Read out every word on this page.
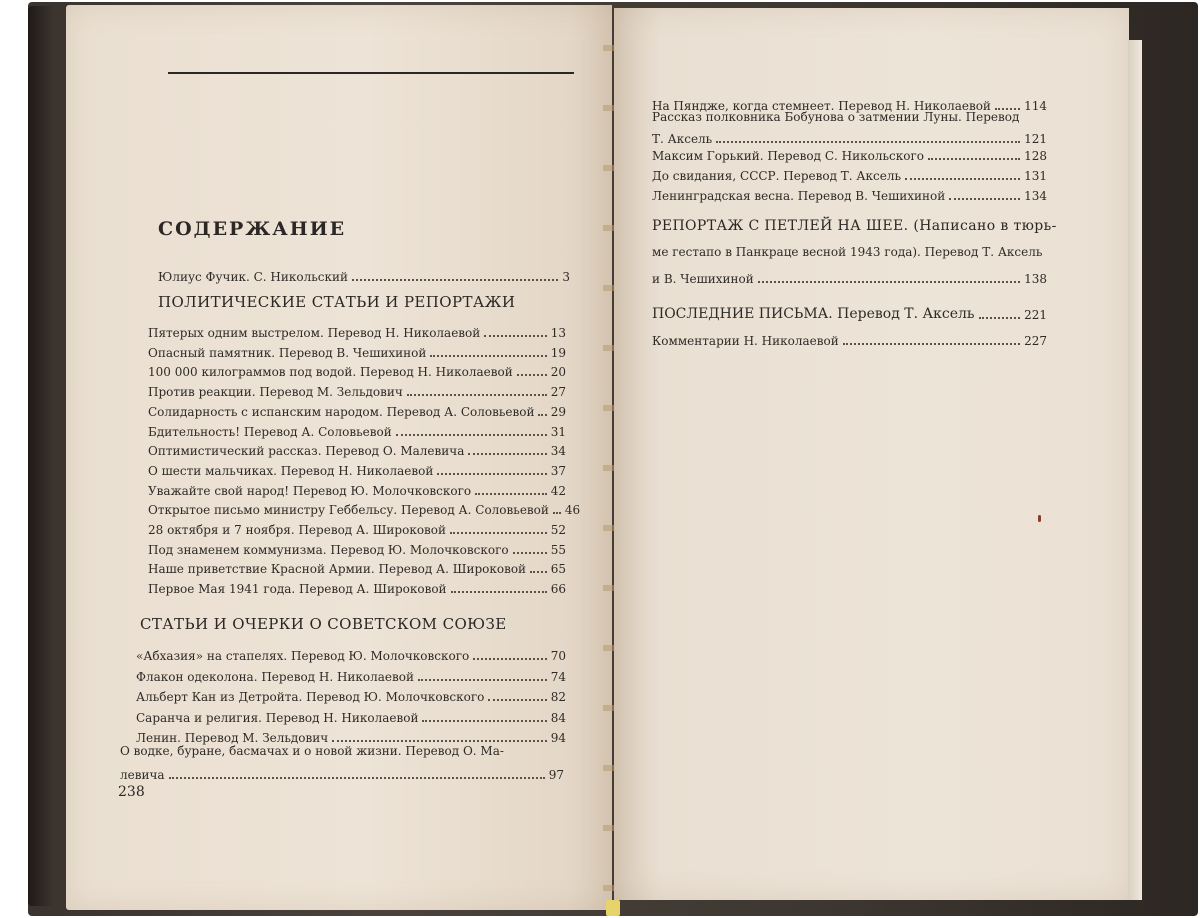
СОДЕРЖАНИЕ
Юлиус Фучик. С. Никольский	3
ПОЛИТИЧЕСКИЕ СТАТЬИ И РЕПОРТАЖИ
Пятерых одним выстрелом. Перевод Н. Николаевой	13
Опасный памятник. Перевод В. Чешихиной	19
100 000 килограммов под водой. Перевод Н. Николаевой	20
Против реакции. Перевод М. Зельдович	27
Солидарность с испанским народом. Перевод А. Соловьевой 29
Бдительность! Перевод А. Соловьевой	31
Оптимистический рассказ. Перевод О. Малевича	34
О шести мальчиках. Перевод Н. Николаевой	37
Уважайте свой народ! Перевод Ю. Молочковского	42
Открытое письмо министру Геббельсу. Перевод А. Соловьевой 46
28 октября и 7 ноября. Перевод А. Широковой	52
Под знаменем коммунизма. Перевод Ю. Молочковского	55
Наше приветствие Красной Армии. Перевод А. Широковой 65
Первое Мая 1941 года. Перевод А. Широковой	66
СТАТЬИ И ОЧЕРКИ О СОВЕТСКОМ СОЮЗЕ
«Абхазия» на стапелях. Перевод Ю. Молочковского	70
Флакон одеколона. Перевод Н. Николаевой	74
Альберт Кан из Детройта. Перевод Ю. Молочковского	82
Саранча и религия. Перевод Н. Николаевой	84
Ленин. Перевод М. Зельдович	94
О водке, буране, басмачах и о новой жизни. Перевод О. Ма-
левича	97
238
На Пяндже, когда стемнеет. Перевод Н. Николаевой	114
Рассказ полковника Бобунова о затмении Луны. Перевод
Т. Аксель	121
Максим Горький. Перевод С. Никольского	128
До свидания, СССР. Перевод Т. Аксель	131
Ленинградская весна. Перевод В. Чешихиной	134
РЕПОРТАЖ С ПЕТЛЕЙ НА ШЕЕ. (Написано в тюрь-
ме гестапо в Панкраце весной 1943 года). Перевод Т. Аксель
и В. Чешихиной	138
ПОСЛЕДНИЕ ПИСЬМА. Перевод Т. Аксель	221
Комментарии Н. Николаевой	227
